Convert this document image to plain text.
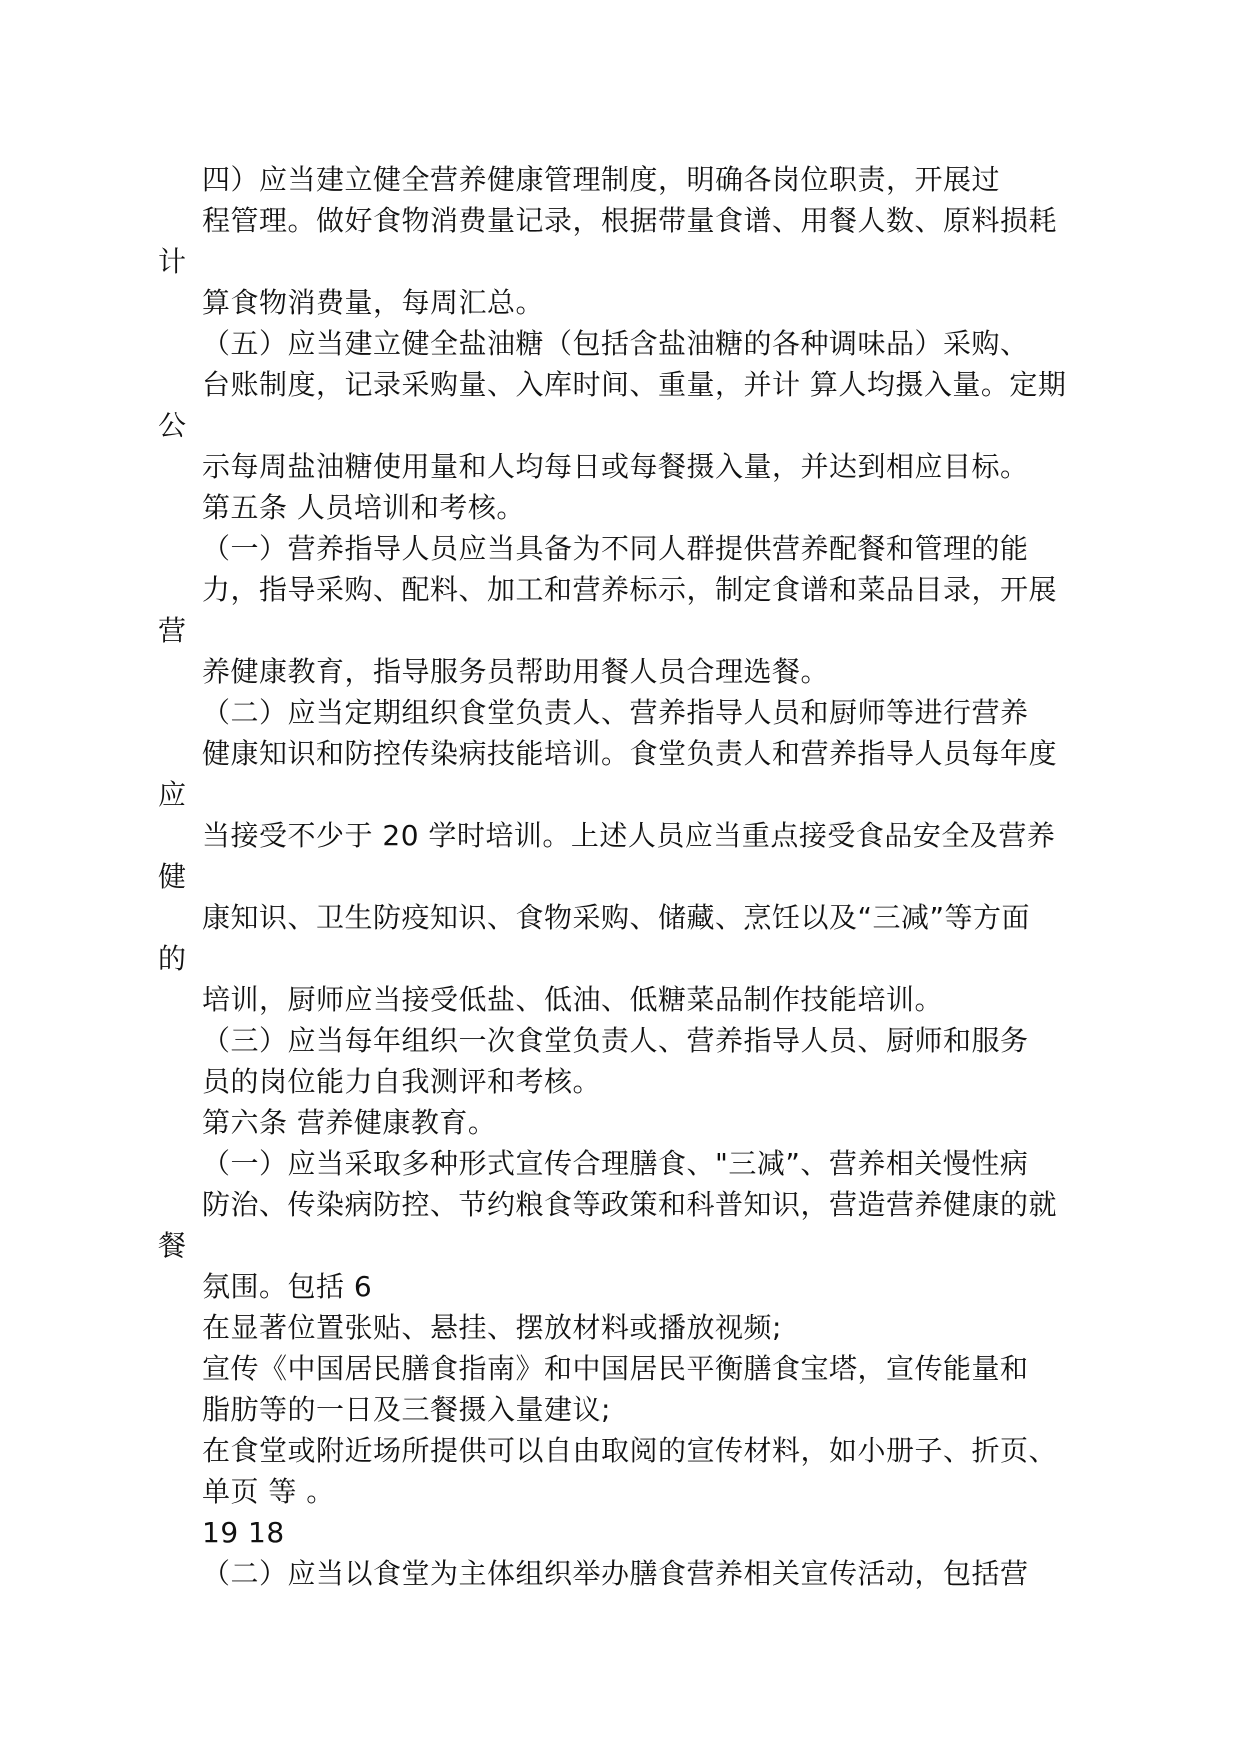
四）应当建立健全营养健康管理制度，明确各岗位职责，开展过
程管理。做好食物消费量记录，根据带量食谱、用餐人数、原料损耗
计
算食物消费量，每周汇总。
（五）应当建立健全盐油糖（包括含盐油糖的各种调味品）采购、
台账制度，记录采购量、入库时间、重量，并计 算人均摄入量。定期
公
示每周盐油糖使用量和人均每日或每餐摄入量，并达到相应目标。
第五条 人员培训和考核。
（一）营养指导人员应当具备为不同人群提供营养配餐和管理的能
力，指导采购、配料、加工和营养标示，制定食谱和菜品目录，开展
营
养健康教育，指导服务员帮助用餐人员合理选餐。
（二）应当定期组织食堂负责人、营养指导人员和厨师等进行营养
健康知识和防控传染病技能培训。食堂负责人和营养指导人员每年度
应
当接受不少于 20 学时培训。上述人员应当重点接受食品安全及营养
健
康知识、卫生防疫知识、食物采购、储藏、烹饪以及“三减”等方面
的
培训，厨师应当接受低盐、低油、低糖菜品制作技能培训。
（三）应当每年组织一次食堂负责人、营养指导人员、厨师和服务
员的岗位能力自我测评和考核。
第六条 营养健康教育。
（一）应当采取多种形式宣传合理膳食、"三减”、营养相关慢性病
防治、传染病防控、节约粮食等政策和科普知识，营造营养健康的就
餐
氛围。包括 6
在显著位置张贴、悬挂、摆放材料或播放视频;
宣传《中国居民膳食指南》和中国居民平衡膳食宝塔，宣传能量和
脂肪等的一日及三餐摄入量建议;
在食堂或附近场所提供可以自由取阅的宣传材料，如小册子、折页、
单页 等 。
19 18
（二）应当以食堂为主体组织举办膳食营养相关宣传活动，包括营
